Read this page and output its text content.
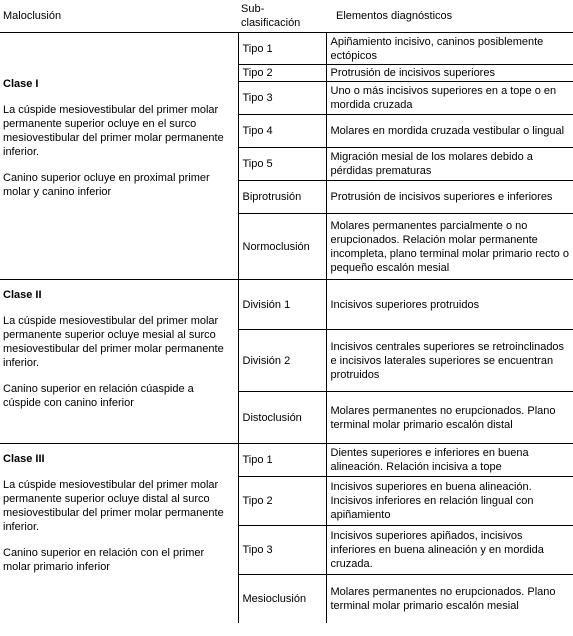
Maloclusión	Sub-clasificación	Elementos diagnósticos

Clase I
La cúspide mesiovestibular del primer molar permanente superior ocluye en el surco mesiovestibular del primer molar permanente inferior.
Canino superior ocluye en proximal primer molar y canino inferior	Tipo 1	Apiñamiento incisivo, caninos posiblemente ectópicos
	Tipo 2	Protrusión de incisivos superiores
	Tipo 3	Uno o más incisivos superiores en a tope o en mordida cruzada
	Tipo 4	Molares en mordida cruzada vestibular o lingual
	Tipo 5	Migración mesial de los molares debido a pérdidas prematuras
	Biprotrusión	Protrusión de incisivos superiores e inferiores
	Normoclusión	Molares permanentes parcialmente o no erupcionados. Relación molar permanente incompleta, plano terminal molar primario recto o pequeño escalón mesial

Clase II
La cúspide mesiovestibular del primer molar permanente superior ocluye mesial al surco mesiovestibular del primer molar permanente inferior.
Canino superior en relación cúaspide a cúspide con canino inferior	División 1	Incisivos superiores protruidos
	División 2	Incisivos centrales superiores se retroinclinados e incisivos laterales superiores se encuentran protruidos
	Distoclusión	Molares permanentes no erupcionados. Plano terminal molar primario escalón distal

Clase III
La cúspide mesiovestibular del primer molar permanente superior ocluye distal al surco mesiovestibular del primer molar permanente inferior.
Canino superior en relación con el primer molar primario inferior	Tipo 1	Dientes superiores e inferiores en buena alineación. Relación incisiva a tope
	Tipo 2	Incisivos superiores en buena alineación. Incisivos inferiores en relación lingual con apiñamiento
	Tipo 3	Incisivos superiores apiñados, incisivos inferiores en buena alineación y en mordida cruzada.
	Mesioclusión	Molares permanentes no erupcionados. Plano terminal molar primario escalón mesial
